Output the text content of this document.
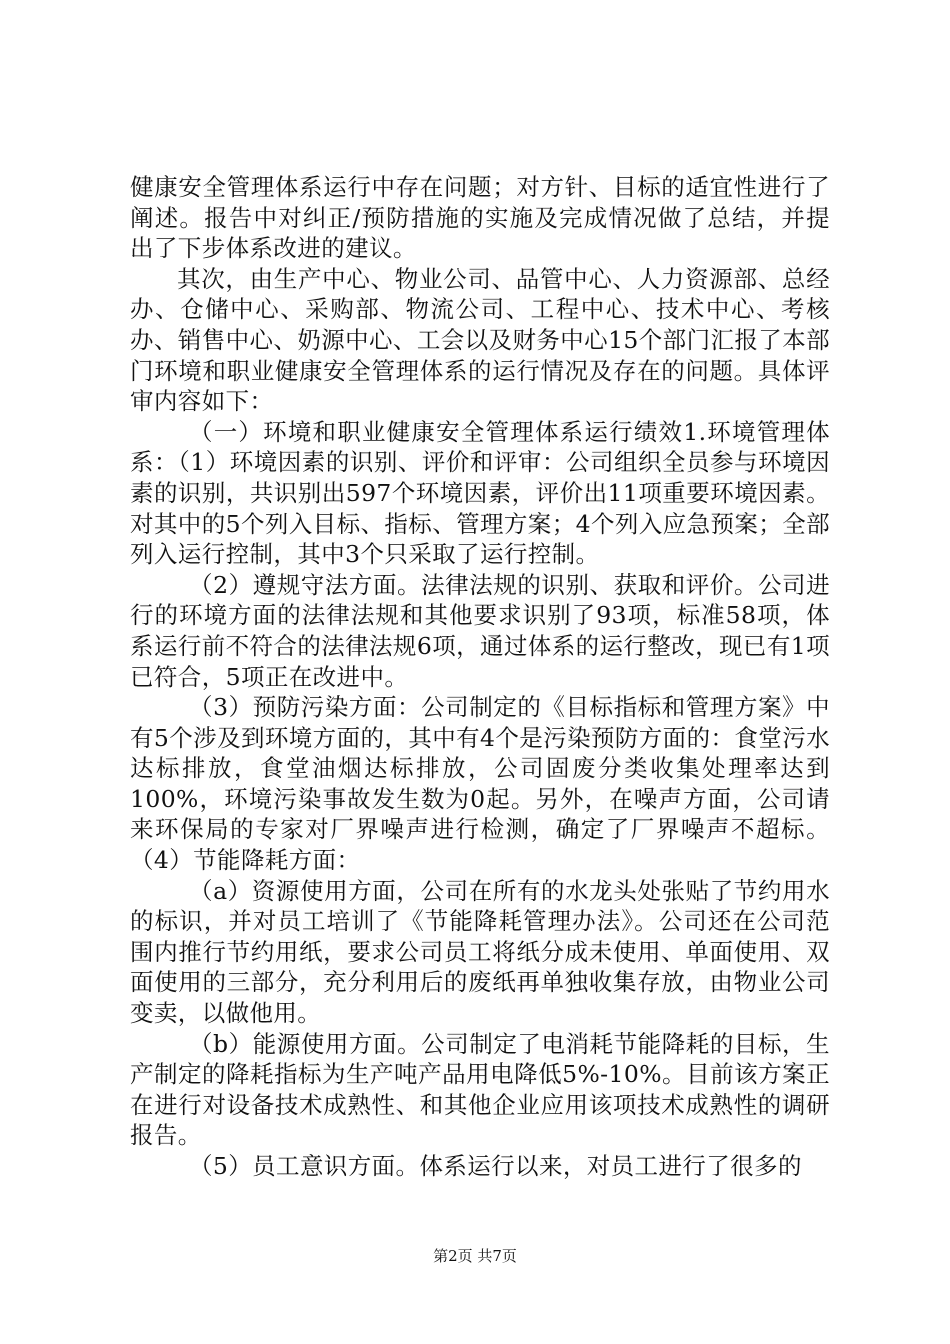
健康安全管理体系运行中存在问题；对方针、目标的适宜性进行了阐述。报告中对纠正/预防措施的实施及完成情况做了总结，并提出了下步体系改进的建议。

其次，由生产中心、物业公司、品管中心、人力资源部、总经办、仓储中心、采购部、物流公司、工程中心、技术中心、考核办、销售中心、奶源中心、工会以及财务中心15个部门汇报了本部门环境和职业健康安全管理体系的运行情况及存在的问题。具体评审内容如下：

（一）环境和职业健康安全管理体系运行绩效1.环境管理体系：（1）环境因素的识别、评价和评审：公司组织全员参与环境因素的识别，共识别出597个环境因素，评价出11项重要环境因素。对其中的5个列入目标、指标、管理方案；4个列入应急预案；全部列入运行控制，其中3个只采取了运行控制。

（2）遵规守法方面。法律法规的识别、获取和评价。公司进行的环境方面的法律法规和其他要求识别了93项，标准58项，体系运行前不符合的法律法规6项，通过体系的运行整改，现已有1项已符合，5项正在改进中。

（3）预防污染方面：公司制定的《目标指标和管理方案》中有5个涉及到环境方面的，其中有4个是污染预防方面的：食堂污水达标排放，食堂油烟达标排放，公司固废分类收集处理率达到100%，环境污染事故发生数为0起。另外，在噪声方面，公司请来环保局的专家对厂界噪声进行检测，确定了厂界噪声不超标。（4）节能降耗方面：

（a）资源使用方面，公司在所有的水龙头处张贴了节约用水的标识，并对员工培训了《节能降耗管理办法》。公司还在公司范围内推行节约用纸，要求公司员工将纸分成未使用、单面使用、双面使用的三部分，充分利用后的废纸再单独收集存放，由物业公司变卖，以做他用。

（b）能源使用方面。公司制定了电消耗节能降耗的目标，生产制定的降耗指标为生产吨产品用电降低5%-10%。目前该方案正在进行对设备技术成熟性、和其他企业应用该项技术成熟性的调研报告。

（5）员工意识方面。体系运行以来，对员工进行了很多的

第2页 共7页
